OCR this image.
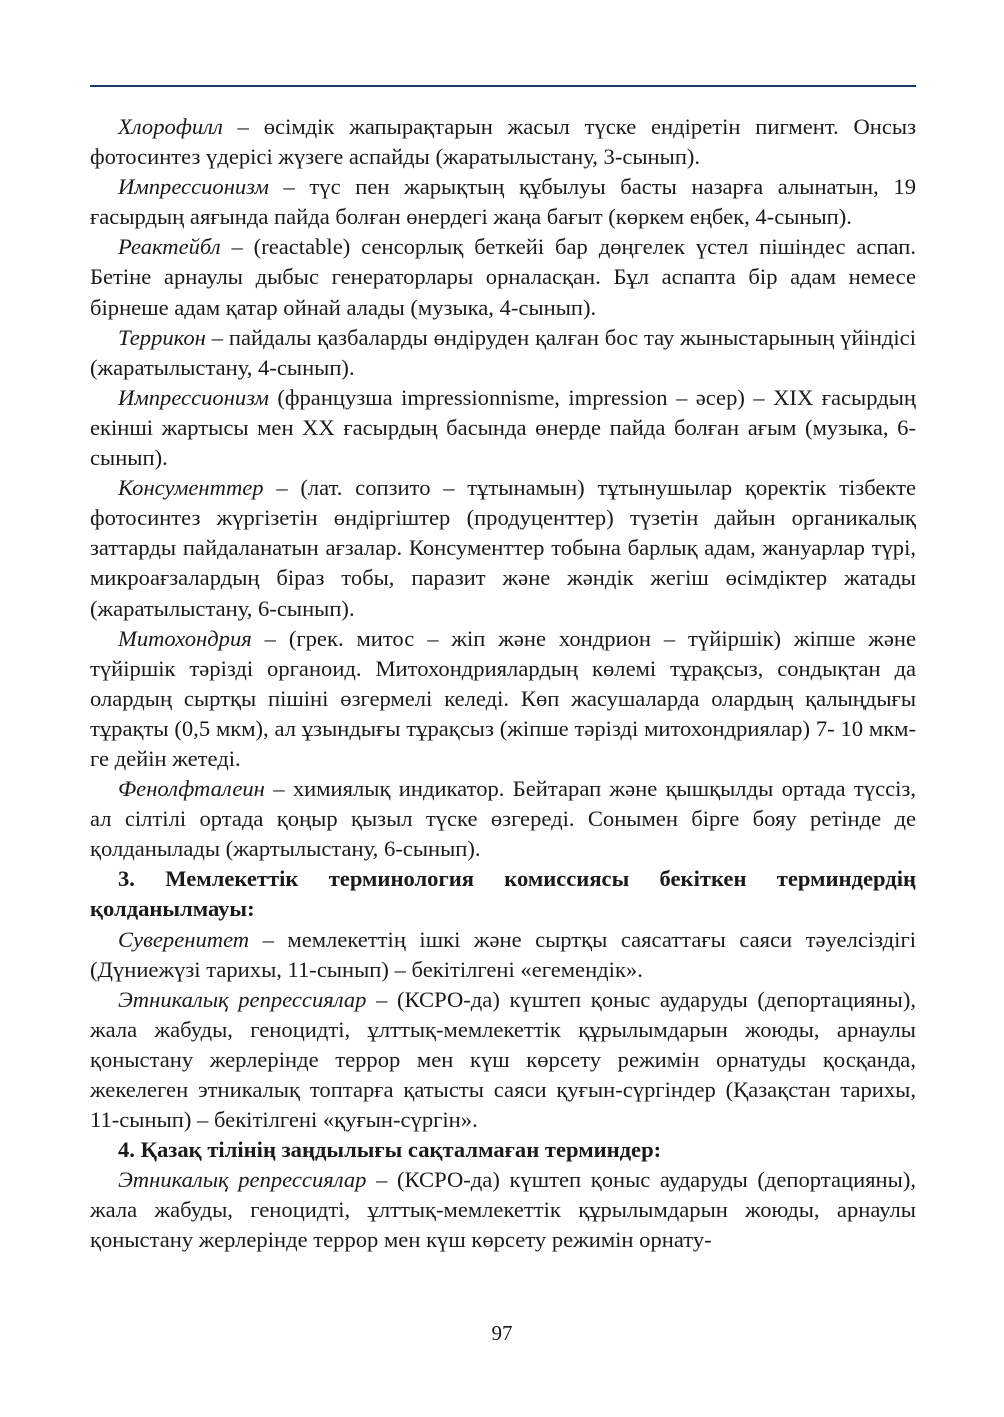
Хлорофилл – өсімдік жапырақтарын жасыл түске ендіретін пигмент. Онсыз фотосинтез үдерісі жүзеге аспайды (жаратылыстану, 3-сынып).

Импрессионизм – түс пен жарықтың құбылуы басты назарға алынатын, 19 ғасырдың аяғында пайда болған өнердегі жаңа бағыт (көркем еңбек, 4-сынып).

Реактейбл – (reactable) сенсорлық беткейі бар дөңгелек үстел пішіндес аспап. Бетіне арнаулы дыбыс генераторлары орналасқан. Бұл аспапта бір адам немесе бірнеше адам қатар ойнай алады (музыка, 4-сынып).

Террикон – пайдалы қазбаларды өндіруден қалған бос тау жыныстарының үйіндісі (жаратылыстану, 4-сынып).

Импрессионизм (французша impressionnisme, impression – әсер) – XIX ғасырдың екінші жартысы мен XX ғасырдың басында өнерде пайда болған ағым (музыка, 6-сынып).

Консументтер – (лат. сопзито – тұтынамын) тұтынушылар қоректік тізбекте фотосинтез жүргізетін өндіргіштер (продуценттер) түзетін дайын органикалық заттарды пайдаланатын ағзалар. Консументтер тобына барлық адам, жануарлар түрі, микроағзалардың біраз тобы, паразит және жәндік жегіш өсімдіктер жатады (жаратылыстану, 6-сынып).

Митохондрия – (грек. митос – жіп және хондрион – түйіршік) жіпше және түйіршік тәрізді органоид. Митохондриялардың көлемі тұрақсыз, сондықтан да олардың сыртқы пішіні өзгермелі келеді. Көп жасушаларда олардың қалыңдығы тұрақты (0,5 мкм), ал ұзындығы тұрақсыз (жіпше тәрізді митохондриялар) 7- 10 мкм-ге дейін жетеді.

Фенолфталеин – химиялық индикатор. Бейтарап және қышқылды ортада түссіз, ал сілтілі ортада қоңыр қызыл түске өзгереді. Сонымен бірге бояу ретінде де қолданылады (жартылыстану, 6-сынып).

3. Мемлекеттік терминология комиссиясы бекіткен терминдердің қолданылмауы:

Суверенитет – мемлекеттің ішкі және сыртқы саясаттағы саяси тәуелсіздігі (Дүниежүзі тарихы, 11-сынып) – бекітілгені «егемендік».

Этникалық репрессиялар – (КСРО-да) күштеп қоныс аударуды (депортацияны), жала жабуды, геноцидті, ұлттық-мемлекеттік құрылымдарын жоюды, арнаулы қоныстану жерлерінде террор мен күш көрсету режимін орнатуды қосқанда, жекелеген этникалық топтарға қатысты саяси қуғын-сүргіндер (Қазақстан тарихы, 11-сынып) – бекітілгені «қуғын-сүргін».

4. Қазақ тілінің заңдылығы сақталмаған терминдер:

Этникалық репрессиялар – (КСРО-да) күштеп қоныс аударуды (депортацияны), жала жабуды, геноцидті, ұлттық-мемлекеттік құрылымдарын жоюды, арнаулы қоныстану жерлерінде террор мен күш көрсету режимін орнату-

97
